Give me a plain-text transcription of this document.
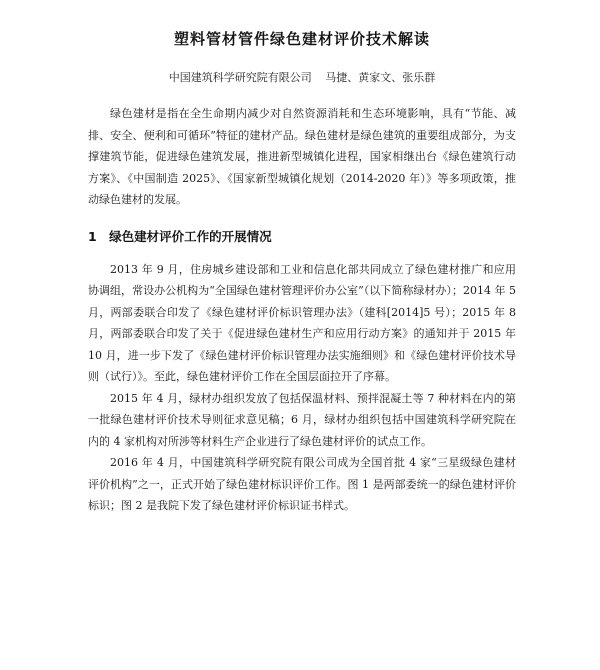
塑料管材管件绿色建材评价技术解读
中国建筑科学研究院有限公司 马捷、黄家文、张乐群

绿色建材是指在全生命期内减少对自然资源消耗和生态环境影响，具有“节能、减排、安全、便利和可循环”特征的建材产品。绿色建材是绿色建筑的重要组成部分，为支撑建筑节能，促进绿色建筑发展，推进新型城镇化进程，国家相继出台《绿色建筑行动方案》、《中国制造 2025》、《国家新型城镇化规划（2014-2020 年）》等多项政策，推动绿色建材的发展。

1 绿色建材评价工作的开展情况

2013 年 9 月，住房城乡建设部和工业和信息化部共同成立了绿色建材推广和应用协调组，常设办公机构为“全国绿色建材管理评价办公室”（以下简称绿材办）；2014 年 5 月，两部委联合印发了《绿色建材评价标识管理办法》（建科[2014]5 号）；2015 年 8 月，两部委联合印发了关于《促进绿色建材生产和应用行动方案》的通知并于 2015 年 10 月，进一步下发了《绿色建材评价标识管理办法实施细则》和《绿色建材评价技术导则（试行）》。至此，绿色建材评价工作在全国层面拉开了序幕。

2015 年 4 月，绿材办组织发放了包括保温材料、预拌混凝土等 7 种材料在内的第一批绿色建材评价技术导则征求意见稿；6 月，绿材办组织包括中国建筑科学研究院在内的 4 家机构对所涉等材料生产企业进行了绿色建材评价的试点工作。

2016 年 4 月，中国建筑科学研究院有限公司成为全国首批 4 家“三星级绿色建材评价机构”之一，正式开始了绿色建材标识评价工作。图 1 是两部委统一的绿色建材评价标识；图 2 是我院下发了绿色建材评价标识证书样式。
